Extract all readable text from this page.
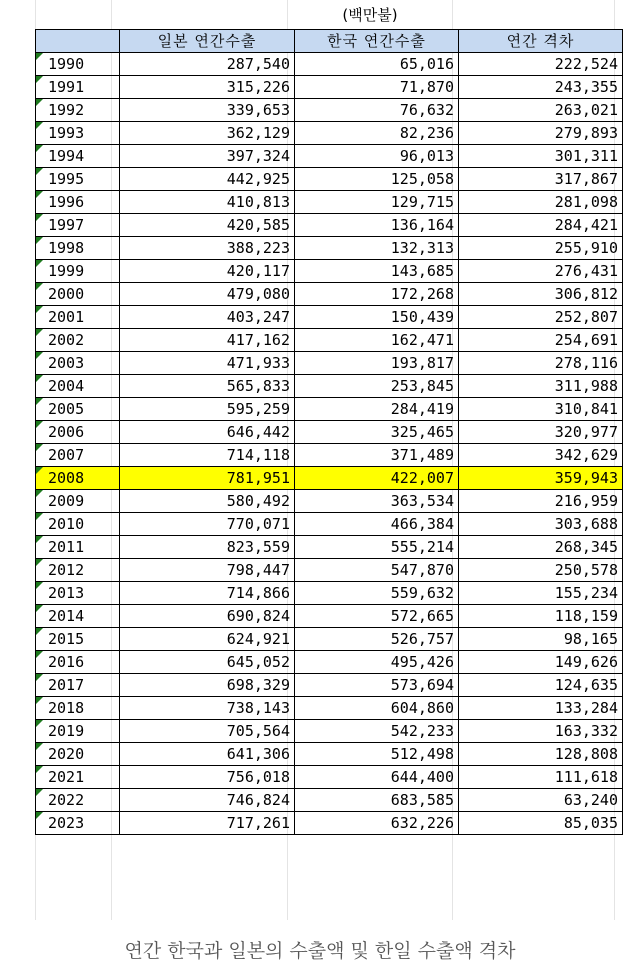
(백만불)
	일본 연간수출	한국 연간수출	연간 격차

1990	287,540	65,016	222,524

1991	315,226	71,870	243,355

1992	339,653	76,632	263,021

1993	362,129	82,236	279,893

1994	397,324	96,013	301,311

1995	442,925	125,058	317,867

1996	410,813	129,715	281,098

1997	420,585	136,164	284,421

1998	388,223	132,313	255,910

1999	420,117	143,685	276,431

2000	479,080	172,268	306,812

2001	403,247	150,439	252,807

2002	417,162	162,471	254,691

2003	471,933	193,817	278,116

2004	565,833	253,845	311,988

2005	595,259	284,419	310,841

2006	646,442	325,465	320,977

2007	714,118	371,489	342,629

2008	781,951	422,007	359,943

2009	580,492	363,534	216,959

2010	770,071	466,384	303,688

2011	823,559	555,214	268,345

2012	798,447	547,870	250,578

2013	714,866	559,632	155,234

2014	690,824	572,665	118,159

2015	624,921	526,757	98,165

2016	645,052	495,426	149,626

2017	698,329	573,694	124,635

2018	738,143	604,860	133,284

2019	705,564	542,233	163,332

2020	641,306	512,498	128,808

2021	756,018	644,400	111,618

2022	746,824	683,585	63,240

2023	717,261	632,226	85,035
연간 한국과 일본의 수출액 및 한일 수출액 격차
